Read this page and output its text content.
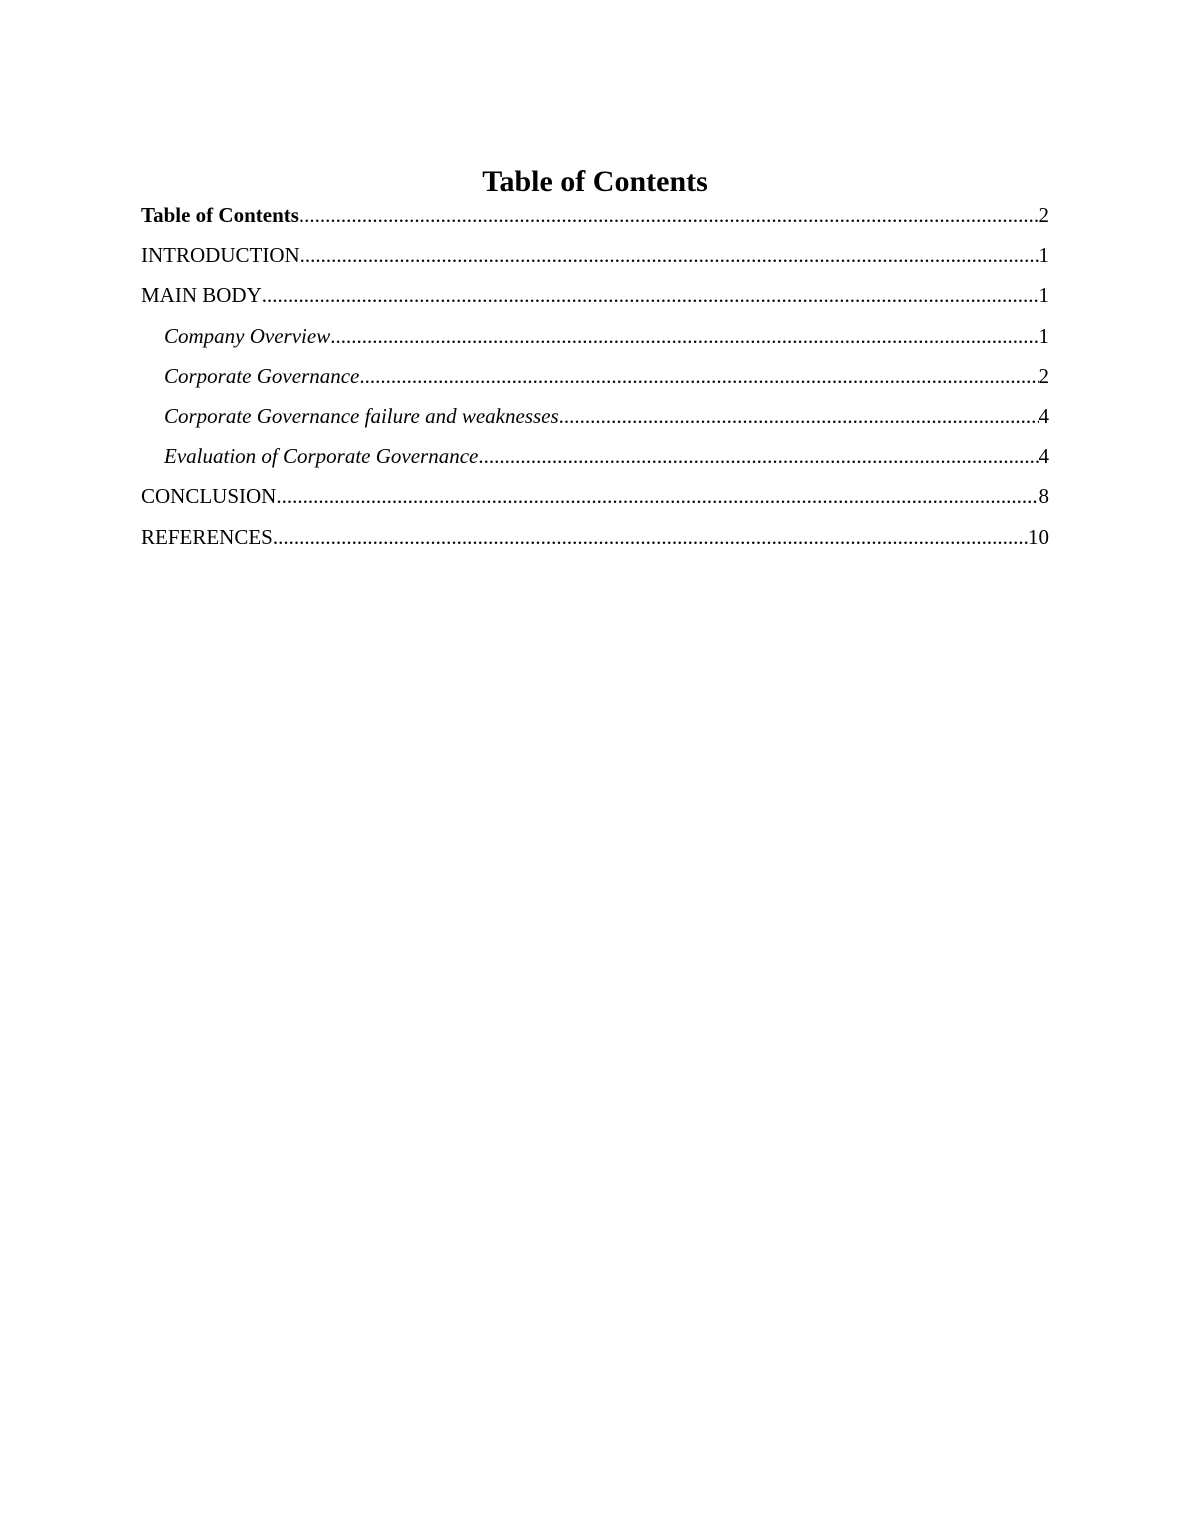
Table of Contents
Table of Contents .....	2
INTRODUCTION .....	1
MAIN BODY .....	1
Company Overview .....	1
Corporate Governance .....	2
Corporate Governance failure and weaknesses .....	4
Evaluation of Corporate Governance .....	4
CONCLUSION .....	8
REFERENCES .....	10
